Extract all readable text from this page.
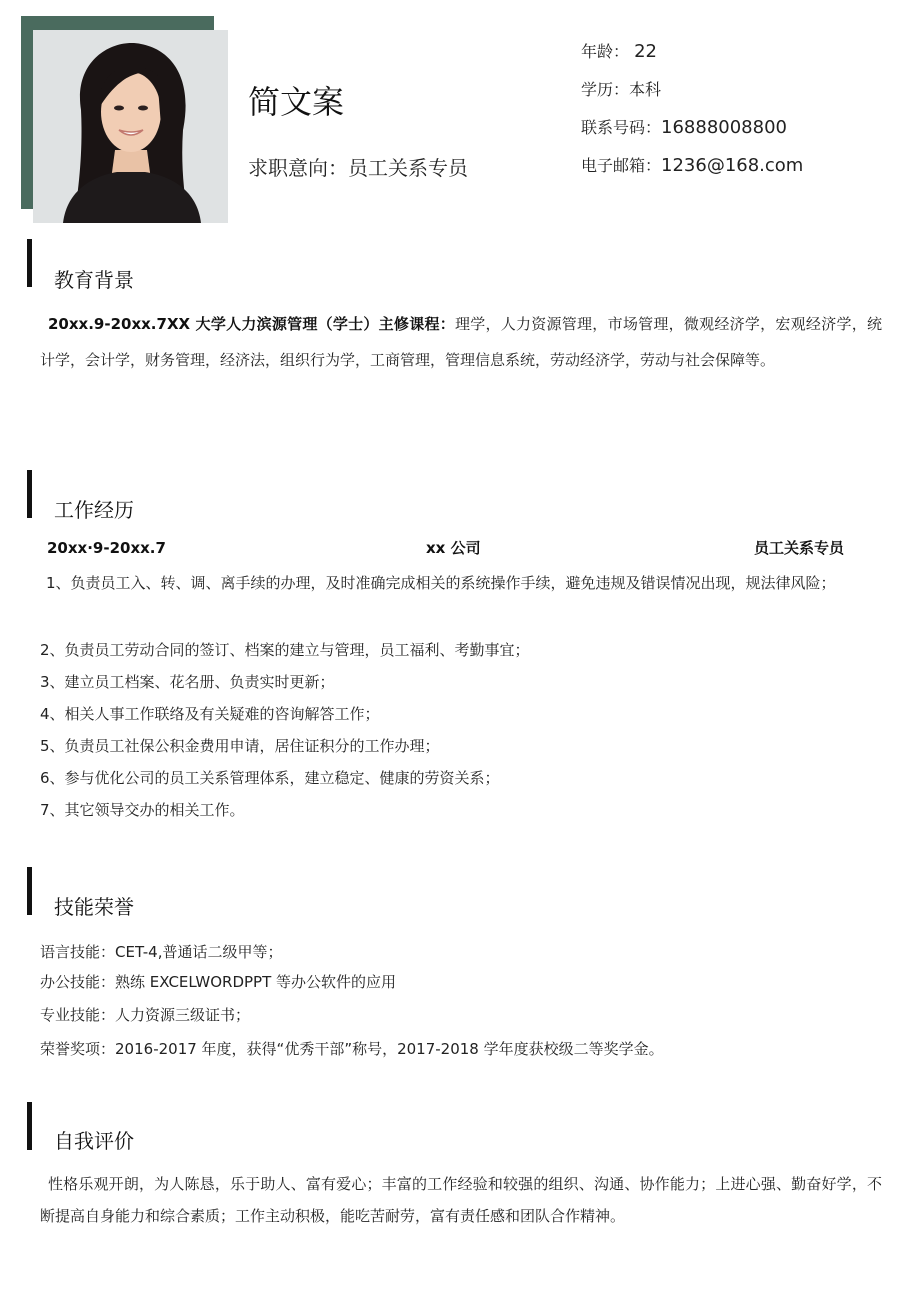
简文案
求职意向：员工关系专员
年龄： 22
学历：本科
联系号码：16888008800
电子邮箱：1236@168.com
教育背景
20xx.9-20xx.7XX 大学人力滨源管理（学士）主修课程：理学，人力资源管理，市场管理，微观经济学，宏观经济学，统计学，会计学，财务管理，经济法，组织行为学，工商管理，管理信息系统，劳动经济学，劳动与社会保障等。
工作经历
20xx·9-20xx.7	xx 公司	员工关系专员
1、负责员工入、转、调、离手续的办理，及时准确完成相关的系统操作手续，避免违规及错误情况出现，规法律风险；
2、负责员工劳动合同的签订、档案的建立与管理，员工福利、考勤事宜；
3、建立员工档案、花名册、负责实时更新；
4、相关人事工作联络及有关疑难的咨询解答工作；
5、负责员工社保公积金费用申请，居住证积分的工作办理；
6、参与优化公司的员工关系管理体系，建立稳定、健康的劳资关系；
7、其它领导交办的相关工作。
技能荣誉
语言技能：CET-4,普通话二级甲等；
办公技能：熟练 EXCELWORDPPT 等办公软件的应用
专业技能：人力资源三级证书；
荣誉奖项：2016-2017 年度，获得“优秀干部”称号，2017-2018 学年度获校级二等奖学金。
自我评价
性格乐观开朗，为人陈恳，乐于助人、富有爱心；丰富的工作经验和较强的组织、沟通、协作能力；上进心强、勤奋好学，不断提高自身能力和综合素质；工作主动积极，能吃苦耐劳，富有责任感和团队合作精神。
